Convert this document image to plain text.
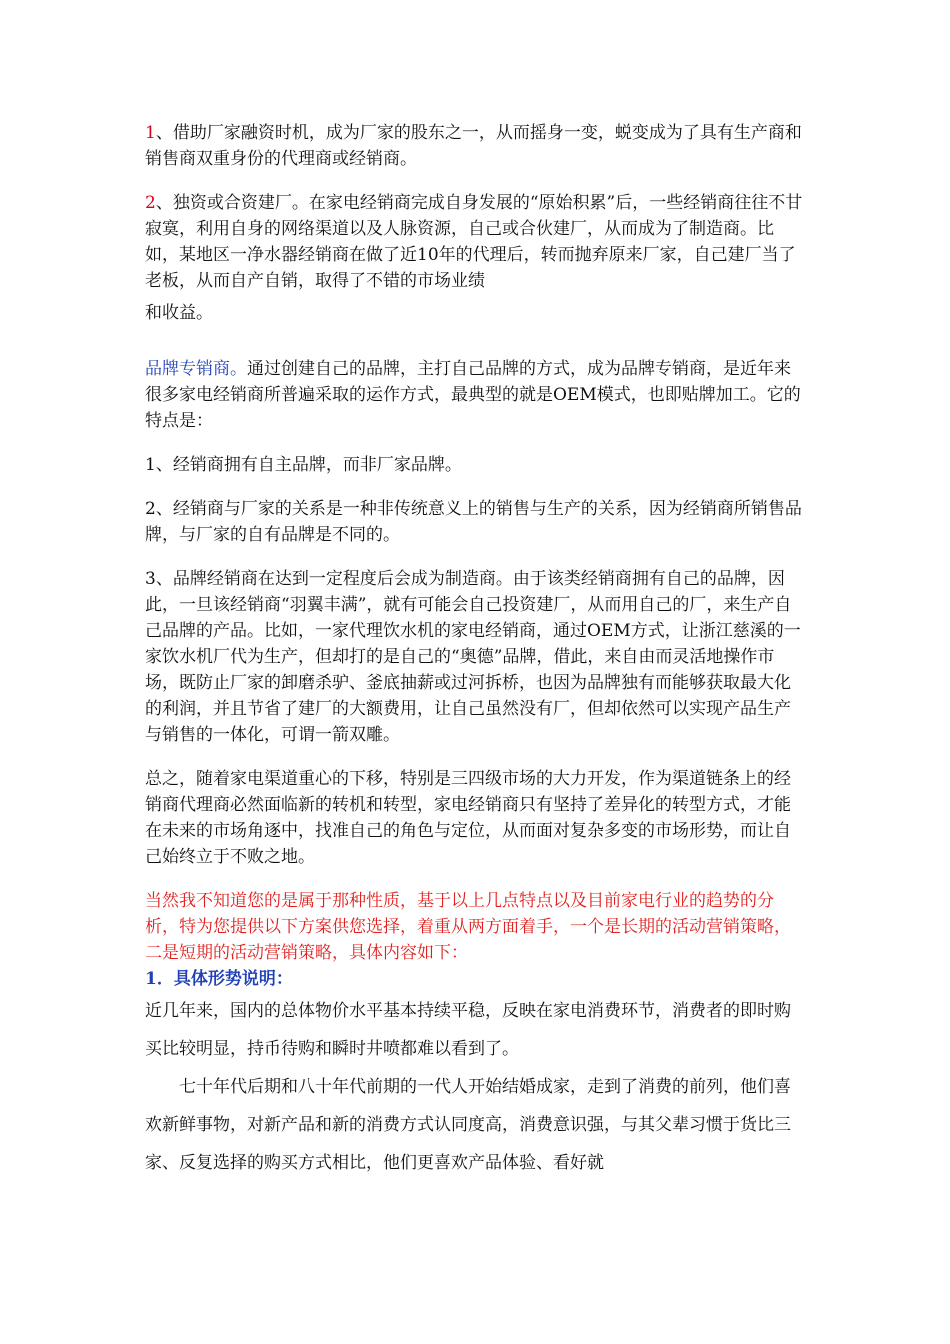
1、借助厂家融资时机，成为厂家的股东之一，从而摇身一变，蜕变成为了具有生产商和销售商双重身份的代理商或经销商。

2、独资或合资建厂。在家电经销商完成自身发展的“原始积累”后，一些经销商往往不甘寂寞，利用自身的网络渠道以及人脉资源，自己或合伙建厂，从而成为了制造商。比如，某地区一净水器经销商在做了近10年的代理后，转而抛弃原来厂家，自己建厂当了老板，从而自产自销，取得了不错的市场业绩

和收益。

品牌专销商。通过创建自己的品牌，主打自己品牌的方式，成为品牌专销商，是近年来很多家电经销商所普遍采取的运作方式，最典型的就是OEM模式，也即贴牌加工。它的特点是：

1、经销商拥有自主品牌，而非厂家品牌。

2、经销商与厂家的关系是一种非传统意义上的销售与生产的关系，因为经销商所销售品牌，与厂家的自有品牌是不同的。

3、品牌经销商在达到一定程度后会成为制造商。由于该类经销商拥有自己的品牌，因此，一旦该经销商“羽翼丰满”，就有可能会自己投资建厂，从而用自己的厂，来生产自己品牌的产品。比如，一家代理饮水机的家电经销商，通过OEM方式，让浙江慈溪的一家饮水机厂代为生产，但却打的是自己的“奥德”品牌，借此，来自由而灵活地操作市场，既防止厂家的卸磨杀驴、釜底抽薪或过河拆桥，也因为品牌独有而能够获取最大化的利润，并且节省了建厂的大额费用，让自己虽然没有厂，但却依然可以实现产品生产与销售的一体化，可谓一箭双雕。

总之，随着家电渠道重心的下移，特别是三四级市场的大力开发，作为渠道链条上的经销商代理商必然面临新的转机和转型，家电经销商只有坚持了差异化的转型方式，才能在未来的市场角逐中，找准自己的角色与定位，从而面对复杂多变的市场形势，而让自己始终立于不败之地。

当然我不知道您的是属于那种性质，基于以上几点特点以及目前家电行业的趋势的分析，特为您提供以下方案供您选择，着重从两方面着手，一个是长期的活动营销策略，二是短期的活动营销策略，具体内容如下：

1．具体形势说明：

近几年来，国内的总体物价水平基本持续平稳，反映在家电消费环节，消费者的即时购买比较明显，持币待购和瞬时井喷都难以看到了。

七十年代后期和八十年代前期的一代人开始结婚成家，走到了消费的前列，他们喜欢新鲜事物，对新产品和新的消费方式认同度高，消费意识强，与其父辈习惯于货比三家、反复选择的购买方式相比，他们更喜欢产品体验、看好就
